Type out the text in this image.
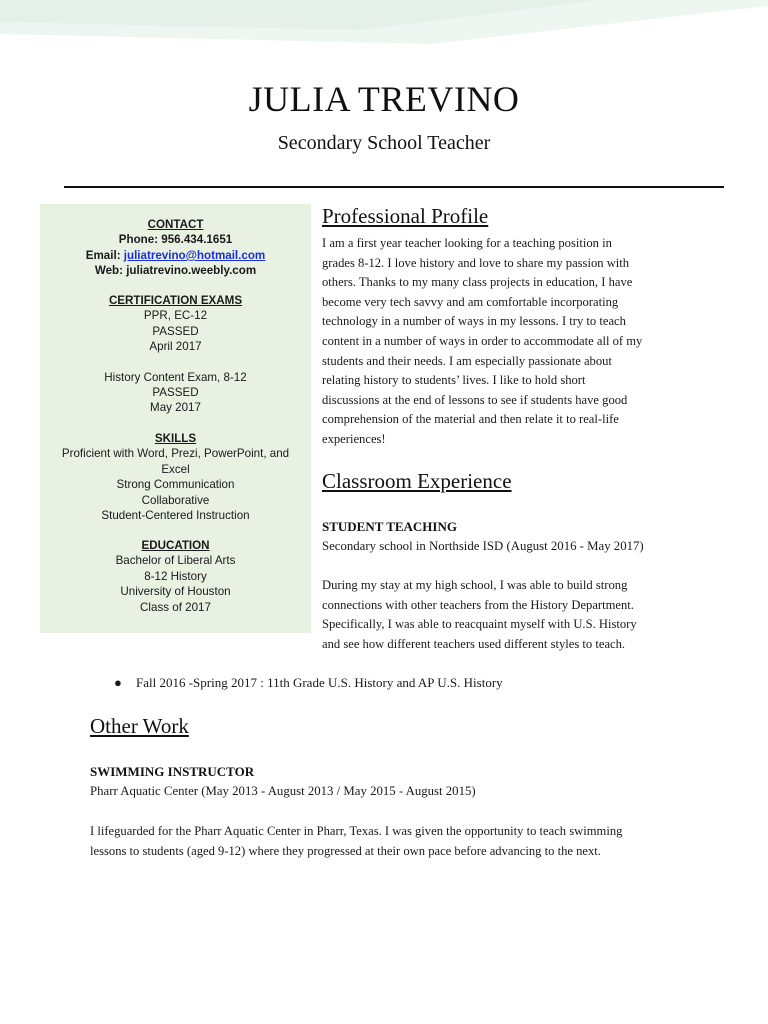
JULIA TREVINO
Secondary School Teacher
CONTACT
Phone: 956.434.1651
Email: juliatrevino@hotmail.com
Web: juliatrevino.weebly.com
CERTIFICATION EXAMS
PPR, EC-12
PASSED
April 2017
History Content Exam, 8-12
PASSED
May 2017
SKILLS
Proficient with Word, Prezi, PowerPoint, and
Excel
Strong Communication
Collaborative
Student-Centered Instruction
EDUCATION
Bachelor of Liberal Arts
8-12 History
University of Houston
Class of 2017
Professional Profile
I am a first year teacher looking for a teaching position in
grades 8-12. I love history and love to share my passion with
others. Thanks to my many class projects in education, I have
become very tech savvy and am comfortable incorporating
technology in a number of ways in my lessons. I try to teach
content in a number of ways in order to accommodate all of my
students and their needs. I am especially passionate about
relating history to students’ lives. I like to hold short
discussions at the end of lessons to see if students have good
comprehension of the material and then relate it to real-life
experiences!
Classroom Experience
STUDENT TEACHING
Secondary school in Northside ISD (August 2016 - May 2017)
During my stay at my high school, I was able to build strong
connections with other teachers from the History Department.
Specifically, I was able to reacquaint myself with U.S. History
and see how different teachers used different styles to teach.
● Fall 2016 -Spring 2017 : 11th Grade U.S. History and AP U.S. History
Other Work
SWIMMING INSTRUCTOR
Pharr Aquatic Center (May 2013 - August 2013 / May 2015 - August 2015)
I lifeguarded for the Pharr Aquatic Center in Pharr, Texas. I was given the opportunity to teach swimming
lessons to students (aged 9-12) where they progressed at their own pace before advancing to the next.
